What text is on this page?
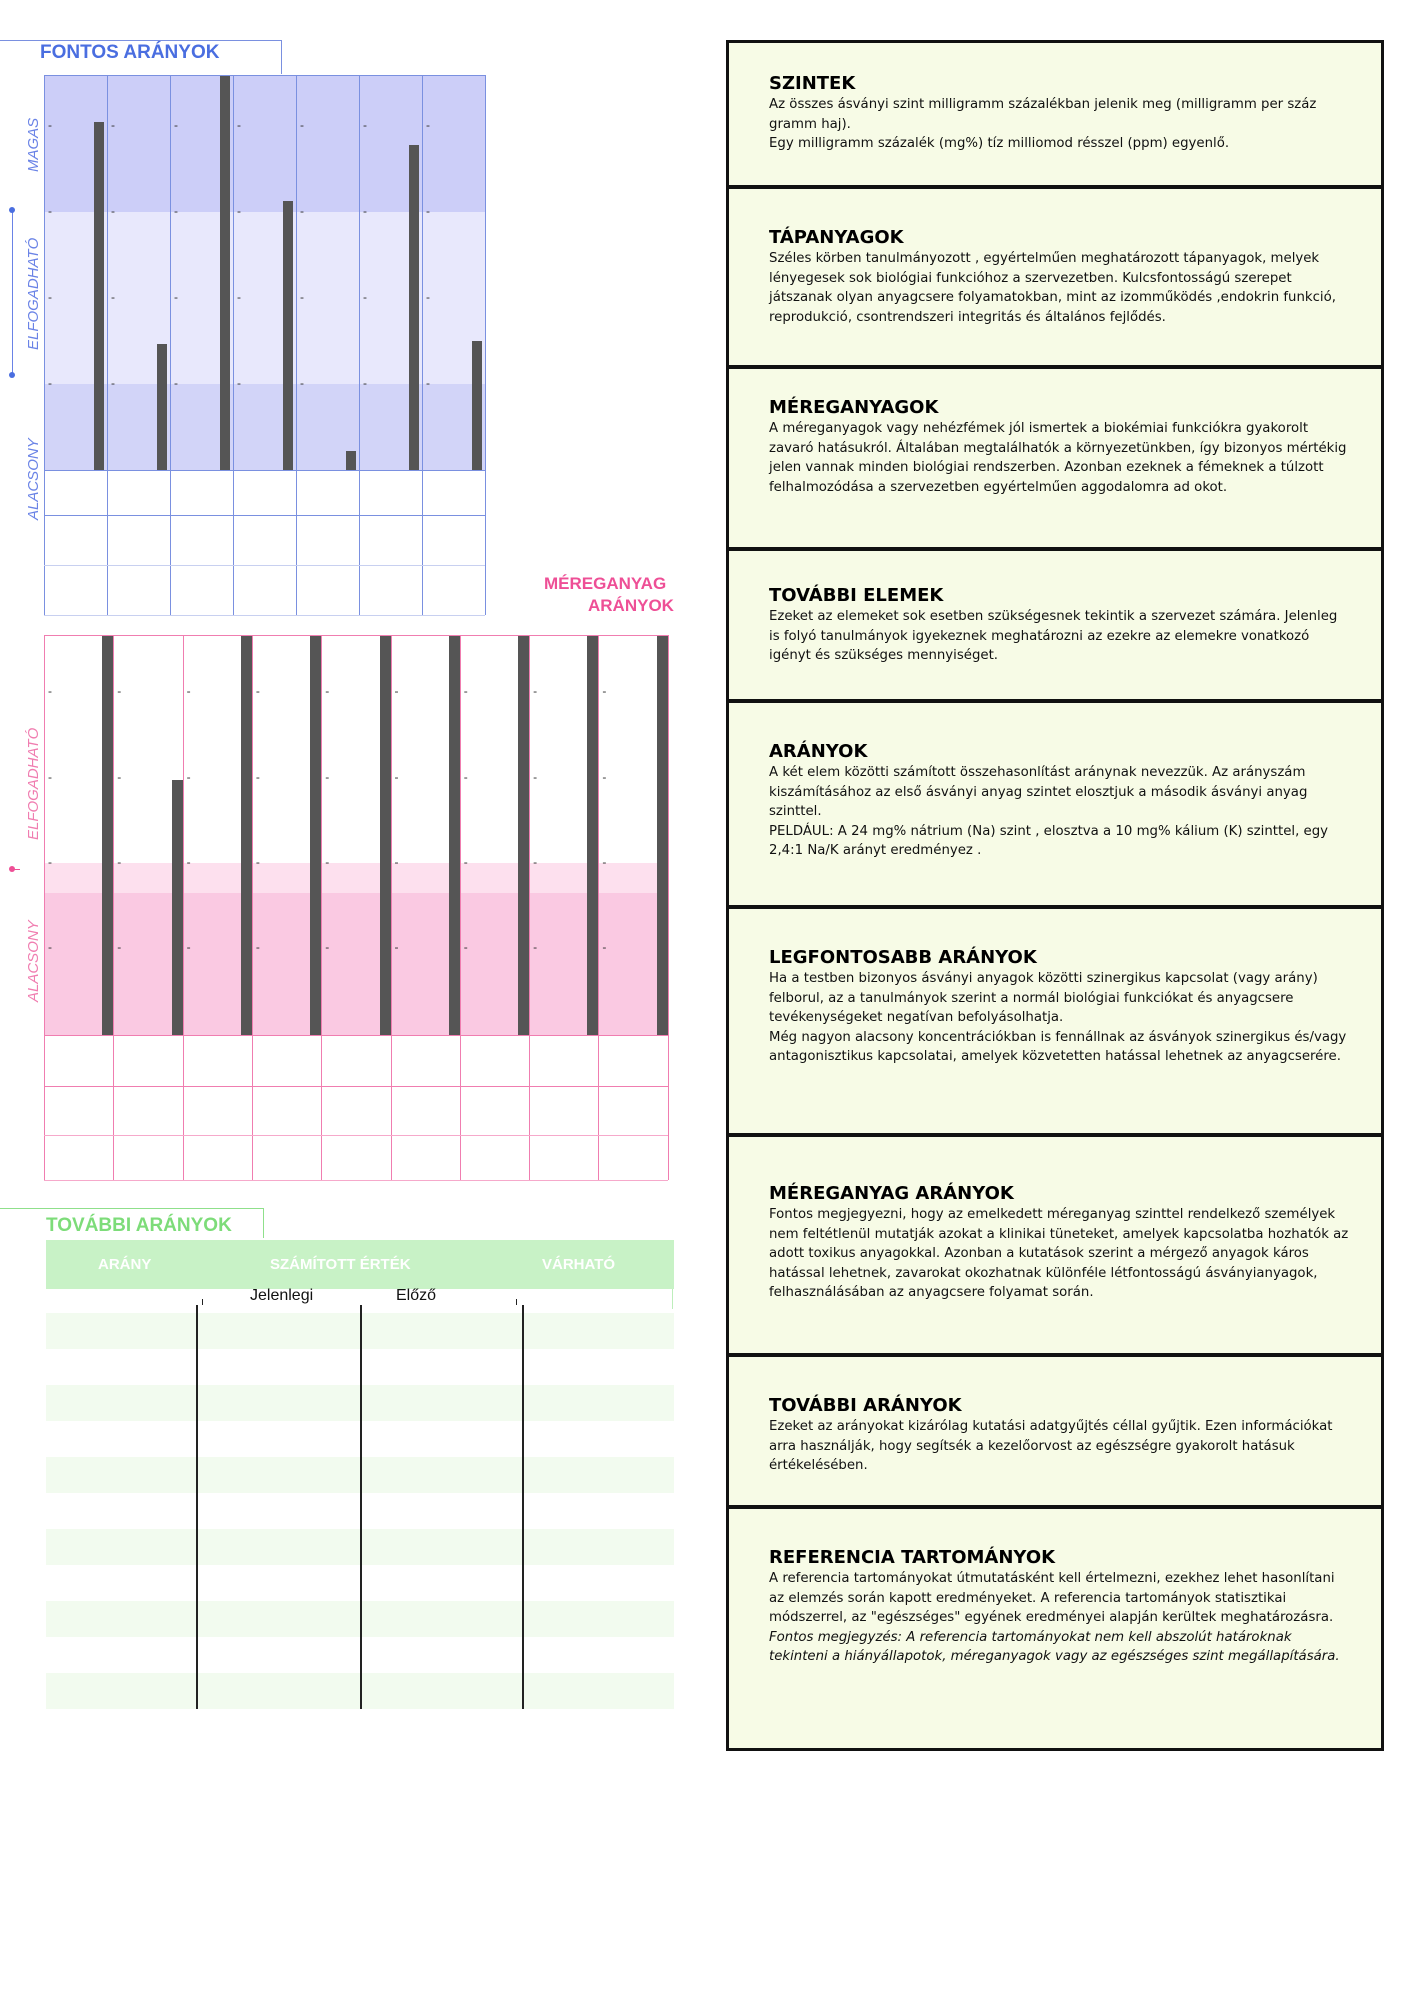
FONTOS ARÁNYOK
MAGAS
ELFOGADHATÓ
ALACSONY
-
-
-
-
-
-
-
-
-
-
-
-
-
-
-
-
-
-
-
-
-
-
-
-
-
-
-
-
MÉREGANYAG
ARÁNYOK
ELFOGADHATÓ
ALACSONY
-
-
-
-
-
-
-
-
-
-
-
-
-
-
-
-
-
-
-
-
-
-
-
-
-
-
-
-
-
-
-
-
-
-
-
-
TOVÁBBI ARÁNYOK
ARÁNY	SZÁMÍTOTT ÉRTÉK	VÁRHATÓ
Jelenlegi	Előző
SZINTEK

Az összes ásványi szint milligramm százalékban jelenik meg (milligramm per száz gramm haj).

Egy milligramm százalék (mg%) tíz milliomod résszel (ppm) egyenlő.

TÁPANYAGOK

Széles körben tanulmányozott , egyértelműen meghatározott tápanyagok, melyek lényegesek sok biológiai funkcióhoz a szervezetben. Kulcsfontosságú szerepet játszanak olyan anyagcsere folyamatokban, mint az izomműködés ,endokrin funkció, reprodukció, csontrendszeri integritás és általános fejlődés.

MÉREGANYAGOK

A méreganyagok vagy nehézfémek jól ismertek a biokémiai funkciókra gyakorolt zavaró hatásukról. Általában megtalálhatók a környezetünkben, így bizonyos mértékig jelen vannak minden biológiai rendszerben. Azonban ezeknek a fémeknek a túlzott felhalmozódása a szervezetben egyértelműen aggodalomra ad okot.

TOVÁBBI ELEMEK

Ezeket az elemeket sok esetben szükségesnek tekintik a szervezet számára. Jelenleg is folyó tanulmányok igyekeznek meghatározni az ezekre az elemekre vonatkozó igényt és szükséges mennyiséget.

ARÁNYOK

A két elem közötti számított összehasonlítást aránynak nevezzük. Az arányszám kiszámításához az első ásványi anyag szintet elosztjuk a második ásványi anyag szinttel.

PELDÁUL: A 24 mg% nátrium (Na) szint , elosztva a 10 mg% kálium (K) szinttel, egy 2,4:1 Na/K arányt eredményez .

LEGFONTOSABB ARÁNYOK

Ha a testben bizonyos ásványi anyagok közötti szinergikus kapcsolat (vagy arány) felborul, az a tanulmányok szerint a normál biológiai funkciókat és anyagcsere tevékenységeket negatívan befolyásolhatja.

Még nagyon alacsony koncentrációkban is fennállnak az ásványok szinergikus és/vagy antagonisztikus kapcsolatai, amelyek közvetetten hatással lehetnek az anyagcserére.

MÉREGANYAG ARÁNYOK

Fontos megjegyezni, hogy az emelkedett méreganyag szinttel rendelkező személyek nem feltétlenül mutatják azokat a klinikai tüneteket, amelyek kapcsolatba hozhatók az adott toxikus anyagokkal. Azonban a kutatások szerint a mérgező anyagok káros hatással lehetnek, zavarokat okozhatnak különféle létfontosságú ásványianyagok, felhasználásában az anyagcsere folyamat során.

TOVÁBBI ARÁNYOK

Ezeket az arányokat kizárólag kutatási adatgyűjtés céllal gyűjtik. Ezen információkat arra használják, hogy segítsék a kezelőorvost az egészségre gyakorolt hatásuk értékelésében.

REFERENCIA TARTOMÁNYOK

A referencia tartományokat útmutatásként kell értelmezni, ezekhez lehet hasonlítani az elemzés során kapott eredményeket. A referencia tartományok statisztikai módszerrel, az "egészséges" egyének eredményei alapján kerültek meghatározásra.

Fontos megjegyzés: A referencia tartományokat nem kell abszolút határoknak tekinteni a hiányállapotok, méreganyagok vagy az egészséges szint megállapítására.
